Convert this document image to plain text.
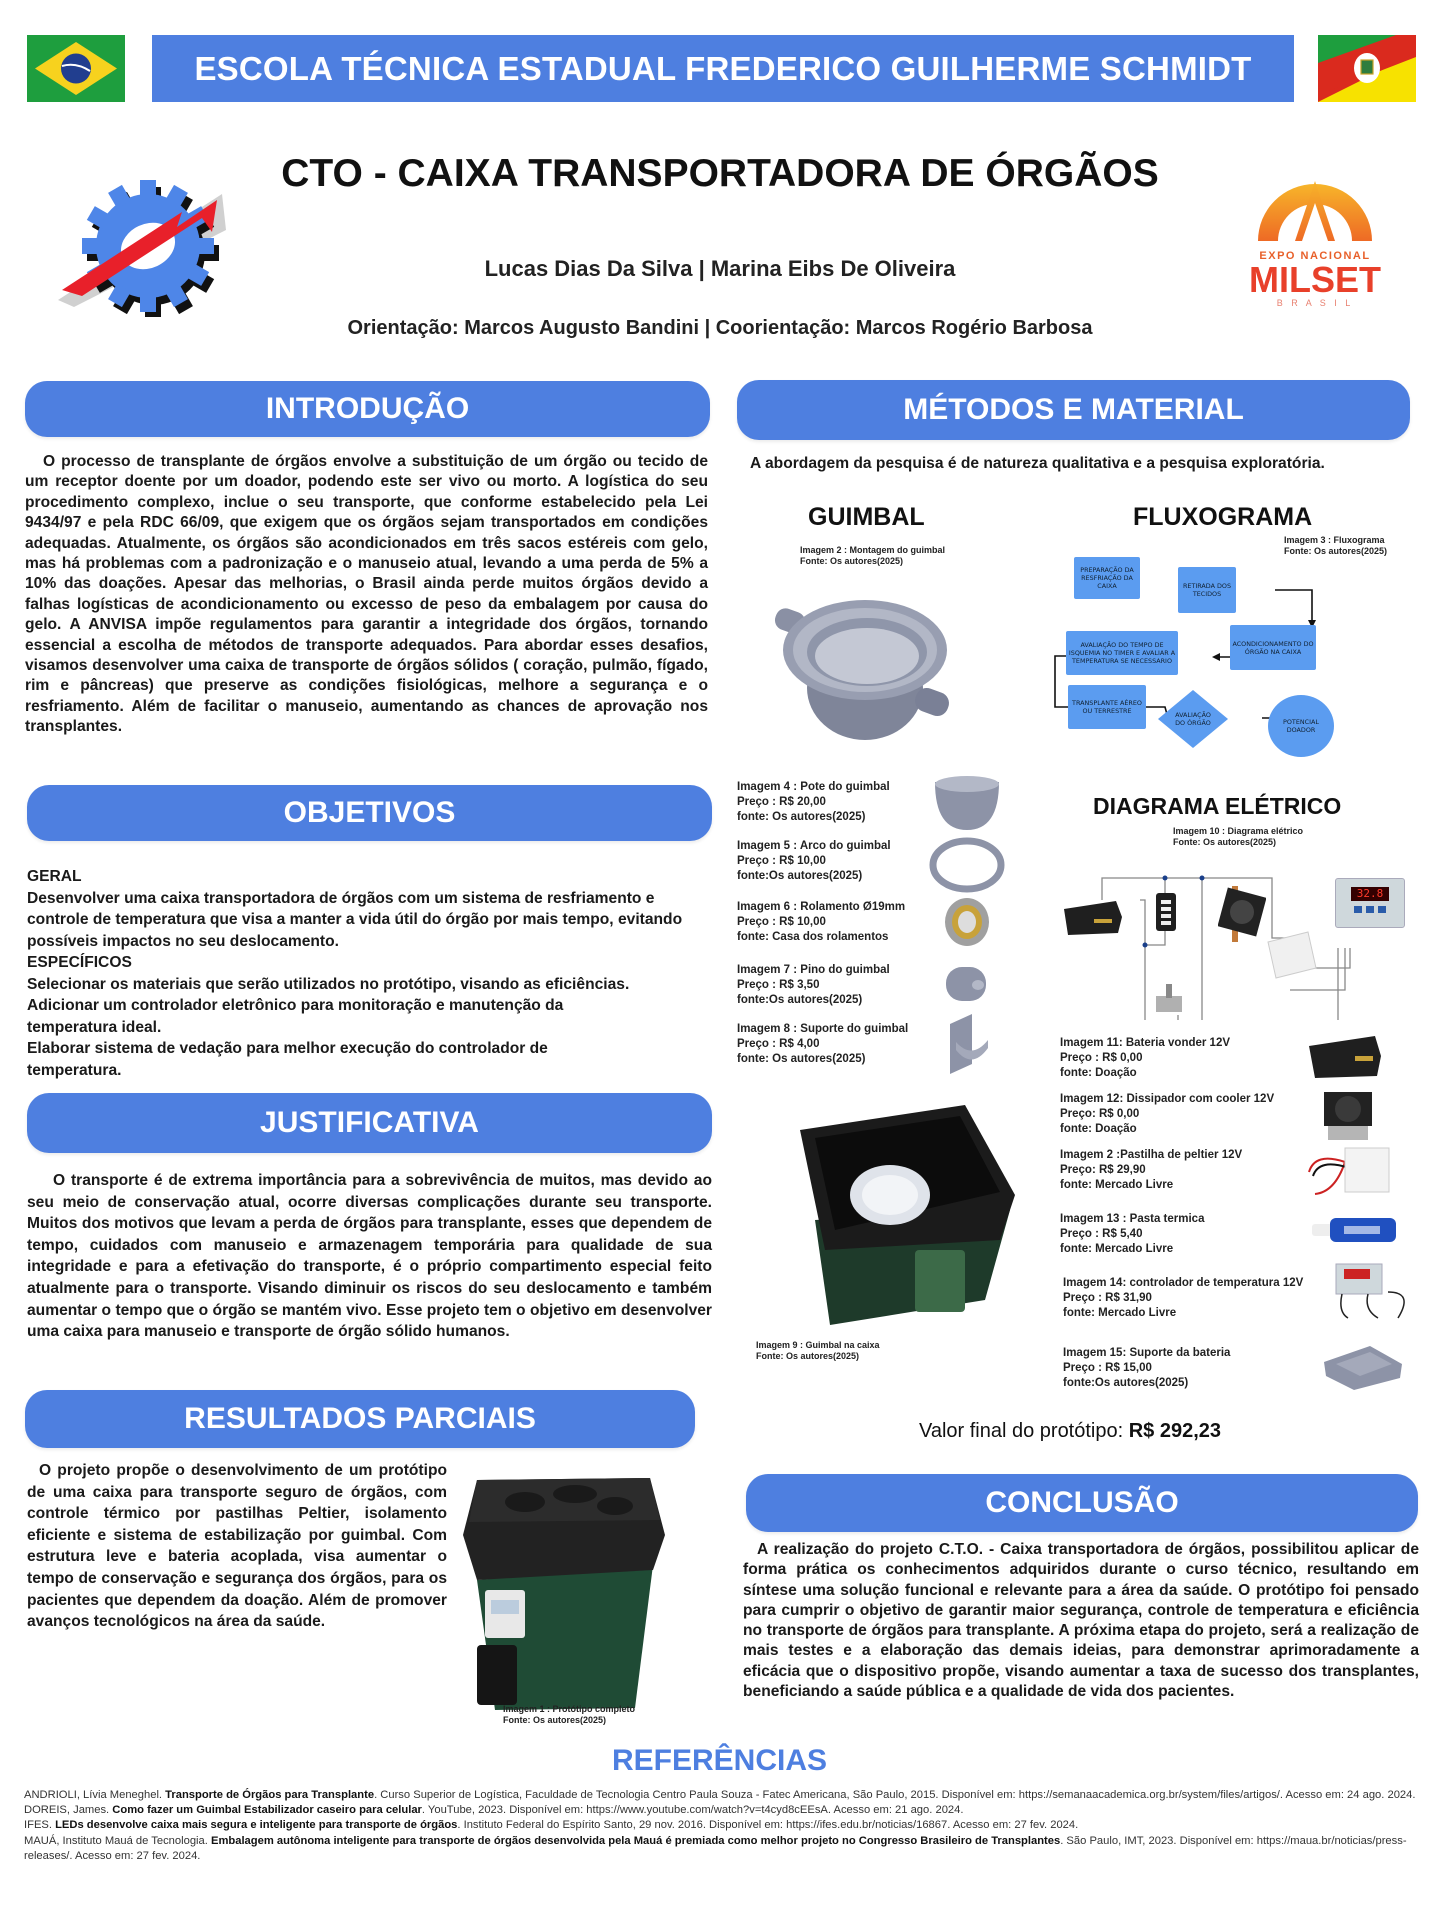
ESCOLA TÉCNICA ESTADUAL FREDERICO GUILHERME SCHMIDT
CTO - CAIXA TRANSPORTADORA DE ÓRGÃOS
Lucas Dias Da Silva | Marina Eibs De Oliveira
Orientação: Marcos Augusto Bandini | Coorientação: Marcos Rogério Barbosa
EXPO NACIONAL
MILSET
B R A S I L
INTRODUÇÃO
O processo de transplante de órgãos envolve a substituição de um órgão ou tecido de um receptor doente por um doador, podendo este ser vivo ou morto. A logística do seu procedimento complexo, inclue o seu transporte, que conforme estabelecido pela Lei 9434/97 e pela RDC 66/09, que exigem que os órgãos sejam transportados em condições adequadas. Atualmente, os órgãos são acondicionados em três sacos estéreis com gelo, mas há problemas com a padronização e o manuseio atual, levando a uma perda de 5% a 10% das doações. Apesar das melhorias, o Brasil ainda perde muitos órgãos devido a falhas logísticas de acondicionamento ou excesso de peso da embalagem por causa do gelo. A ANVISA impõe regulamentos para garantir a integridade dos órgãos, tornando essencial a escolha de métodos de transporte adequados. Para abordar esses desafios, visamos desenvolver uma caixa de transporte de órgãos sólidos ( coração, pulmão, fígado, rim e pâncreas) que preserve as condições fisiológicas, melhore a segurança e o resfriamento. Além de facilitar o manuseio, aumentando as chances de aprovação nos transplantes.
OBJETIVOS
GERAL
Desenvolver uma caixa transportadora de órgãos com um sistema de resfriamento e controle de temperatura que visa a manter a vida útil do órgão por mais tempo, evitando possíveis impactos no seu deslocamento.
ESPECÍFICOS
Selecionar os materiais que serão utilizados no protótipo, visando as eficiências.
Adicionar um controlador eletrônico para monitoração e manutenção da temperatura ideal.
Elaborar sistema de vedação para melhor execução do controlador de temperatura.
JUSTIFICATIVA
O transporte é de extrema importância para a sobrevivência de muitos, mas devido ao seu meio de conservação atual, ocorre diversas complicações durante seu transporte. Muitos dos motivos que levam a perda de órgãos para transplante, esses que dependem de tempo, cuidados com manuseio e armazenagem temporária para qualidade de sua integridade e para a efetivação do transporte, é o próprio compartimento especial feito atualmente para o transporte. Visando diminuir os riscos do seu deslocamento e também aumentar o tempo que o órgão se mantém vivo. Esse projeto tem o objetivo em desenvolver uma caixa para manuseio e transporte de órgão sólido humanos.
RESULTADOS PARCIAIS
O projeto propõe o desenvolvimento de um protótipo de uma caixa para transporte seguro de órgãos, com controle térmico por pastilhas Peltier, isolamento eficiente e sistema de estabilização por guimbal. Com estrutura leve e bateria acoplada, visa aumentar o tempo de conservação e segurança dos órgãos, para os pacientes que dependem da doação. Além de promover avanços tecnológicos na área da saúde.
Imagem 1 : Protótipo completo
Fonte: Os autores(2025)
MÉTODOS E MATERIAL
A abordagem da pesquisa é de natureza qualitativa e a pesquisa exploratória.
GUIMBAL
Imagem 2 : Montagem do guimbal
Fonte: Os autores(2025)
FLUXOGRAMA
Imagem 3 : Fluxograma
Fonte: Os autores(2025)
PREPARAÇÃO DA RESFRIAÇÃO DA CAIXA	RETIRADA DOS TECIDOS
ACONDICIONAMENTO DO ÓRGÃO NA CAIXA
AVALIAÇÃO DO TEMPO DE ISQUEMIA NO TIMER E AVALIAR A TEMPERATURA SE NECESSARIO
TRANSPLANTE AÉREO OU TERRESTRE	AVALIAÇÃO DO ÓRGÃO	POTENCIAL DOADOR
Imagem 4 : Pote do guimbal
Preço : R$ 20,00
fonte: Os autores(2025)
Imagem 5 : Arco do guimbal
Preço : R$ 10,00
fonte:Os autores(2025)
Imagem 6 : Rolamento Ø19mm
Preço : R$ 10,00
fonte: Casa dos rolamentos
Imagem 7 : Pino do guimbal
Preço : R$ 3,50
fonte:Os autores(2025)
Imagem 8 : Suporte do guimbal
Preço : R$ 4,00
fonte: Os autores(2025)
Imagem 9 : Guimbal na caixa
Fonte: Os autores(2025)
DIAGRAMA ELÉTRICO
Imagem 10 : Diagrama elétrico
Fonte: Os autores(2025)
32.8
Imagem 11: Bateria vonder 12V
Preço : R$ 0,00
fonte: Doação
Imagem 12: Dissipador com cooler 12V
Preço: R$ 0,00
fonte: Doação
Imagem 2 :Pastilha de peltier 12V
Preço: R$ 29,90
fonte: Mercado Livre
Imagem 13 : Pasta termica
Preço : R$ 5,40
fonte: Mercado Livre
Imagem 14: controlador de temperatura 12V
Preço : R$ 31,90
fonte: Mercado Livre
Imagem 15: Suporte da bateria
Preço : R$ 15,00
fonte:Os autores(2025)
Valor final do protótipo: R$ 292,23
CONCLUSÃO
A realização do projeto C.T.O. - Caixa transportadora de órgãos, possibilitou aplicar de forma prática os conhecimentos adquiridos durante o curso técnico, resultando em síntese uma solução funcional e relevante para a área da saúde. O protótipo foi pensado para cumprir o objetivo de garantir maior segurança, controle de temperatura e eficiência no transporte de órgãos para transplante. A próxima etapa do projeto, será a realização de mais testes e a elaboração das demais ideias, para demonstrar aprimoradamente a eficácia que o dispositivo propõe, visando aumentar a taxa de sucesso dos transplantes, beneficiando a saúde pública e a qualidade de vida dos pacientes.
REFERÊNCIAS
ANDRIOLI, Lívia Meneghel. Transporte de Órgãos para Transplante. Curso Superior de Logística, Faculdade de Tecnologia Centro Paula Souza - Fatec Americana, São Paulo, 2015. Disponível em: https://semanaacademica.org.br/system/files/artigos/. Acesso em: 24 ago. 2024.
DOREIS, James. Como fazer um Guimbal Estabilizador caseiro para celular. YouTube, 2023. Disponível em: https://www.youtube.com/watch?v=t4cyd8cEEsA. Acesso em: 21 ago. 2024.
IFES. LEDs desenvolve caixa mais segura e inteligente para transporte de órgãos. Instituto Federal do Espírito Santo, 29 nov. 2016. Disponível em: https://ifes.edu.br/noticias/16867. Acesso em: 27 fev. 2024.
MAUÁ, Instituto Mauá de Tecnologia. Embalagem autônoma inteligente para transporte de órgãos desenvolvida pela Mauá é premiada como melhor projeto no Congresso Brasileiro de Transplantes. São Paulo, IMT, 2023. Disponível em: https://maua.br/noticias/press-releases/. Acesso em: 27 fev. 2024.
